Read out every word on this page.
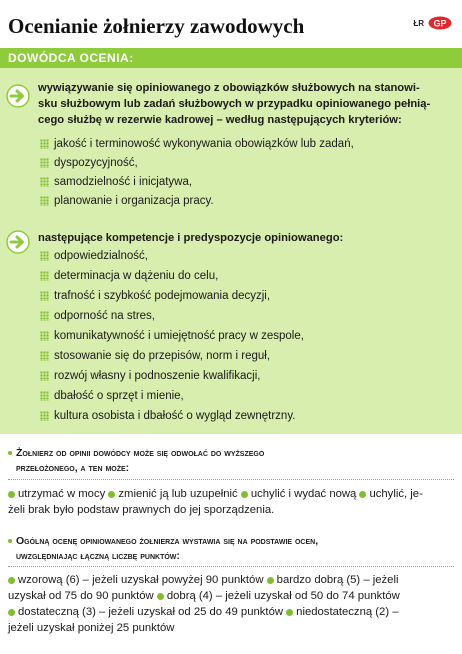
Ocenianie żołnierzy zawodowych	ŁR GP
DOWÓDCA OCENIA:
wywiązywanie się opiniowanego z obowiązków służbowych na stanowi-
sku służbowym lub zadań służbowych w przypadku opiniowanego pełnią-
cego służbę w rezerwie kadrowej – według następujących kryteriów:
jakość i terminowość wykonywania obowiązków lub zadań,
dyspozycyjność,
samodzielność i inicjatywa,
planowanie i organizacja pracy.
następujące kompetencje i predyspozycje opiniowanego:
odpowiedzialność,
determinacja w dążeniu do celu,
trafność i szybkość podejmowania decyzji,
odporność na stres,
komunikatywność i umiejętność pracy w zespole,
stosowanie się do przepisów, norm i reguł,
rozwój własny i podnoszenie kwalifikacji,
dbałość o sprzęt i mienie,
kultura osobista i dbałość o wygląd zewnętrzny.
Żołnierz od opinii dowódcy może się odwołać do wyższego
przełożonego, a ten może:
utrzymać w mocy zmienić ją lub uzupełnić uchylić i wydać nową uchylić, je-
żeli brak było podstaw prawnych do jej sporządzenia.
Ogólną ocenę opiniowanego żołnierza wystawia się na podstawie ocen,
uwzględniając łączną liczbę punktów:
wzorową (6) – jeżeli uzyskał powyżej 90 punktów bardzo dobrą (5) – jeżeli
uzyskał od 75 do 90 punktów dobrą (4) – jeżeli uzyskał od 50 do 74 punktów
dostateczną (3) – jeżeli uzyskał od 25 do 49 punktów niedostateczną (2) –
jeżeli uzyskał poniżej 25 punktów
